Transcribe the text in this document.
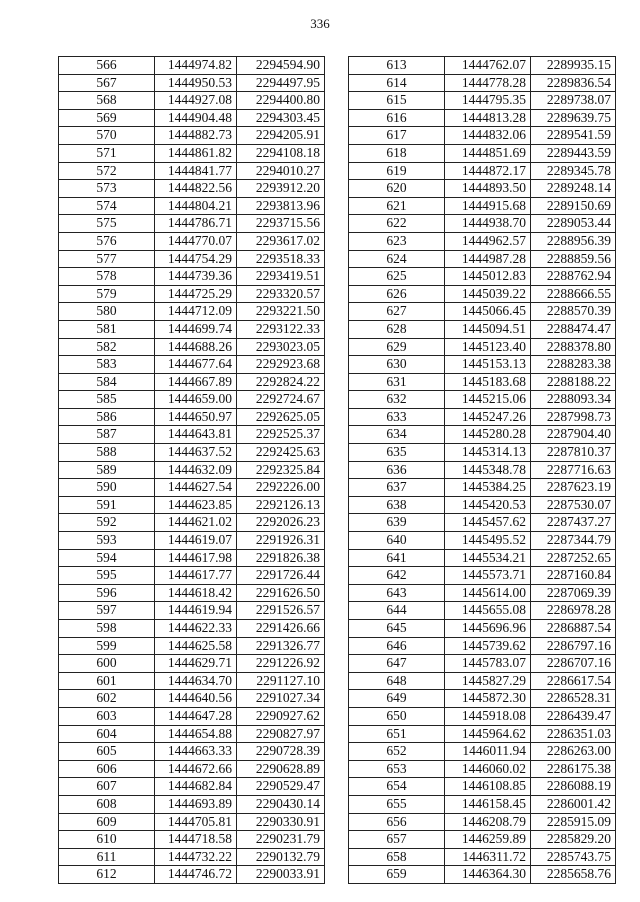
336
566	1444974.82	2294594.90
567	1444950.53	2294497.95
568	1444927.08	2294400.80
569	1444904.48	2294303.45
570	1444882.73	2294205.91
571	1444861.82	2294108.18
572	1444841.77	2294010.27
573	1444822.56	2293912.20
574	1444804.21	2293813.96
575	1444786.71	2293715.56
576	1444770.07	2293617.02
577	1444754.29	2293518.33
578	1444739.36	2293419.51
579	1444725.29	2293320.57
580	1444712.09	2293221.50
581	1444699.74	2293122.33
582	1444688.26	2293023.05
583	1444677.64	2292923.68
584	1444667.89	2292824.22
585	1444659.00	2292724.67
586	1444650.97	2292625.05
587	1444643.81	2292525.37
588	1444637.52	2292425.63
589	1444632.09	2292325.84
590	1444627.54	2292226.00
591	1444623.85	2292126.13
592	1444621.02	2292026.23
593	1444619.07	2291926.31
594	1444617.98	2291826.38
595	1444617.77	2291726.44
596	1444618.42	2291626.50
597	1444619.94	2291526.57
598	1444622.33	2291426.66
599	1444625.58	2291326.77
600	1444629.71	2291226.92
601	1444634.70	2291127.10
602	1444640.56	2291027.34
603	1444647.28	2290927.62
604	1444654.88	2290827.97
605	1444663.33	2290728.39
606	1444672.66	2290628.89
607	1444682.84	2290529.47
608	1444693.89	2290430.14
609	1444705.81	2290330.91
610	1444718.58	2290231.79
611	1444732.22	2290132.79
612	1444746.72	2290033.91
613	1444762.07	2289935.15
614	1444778.28	2289836.54
615	1444795.35	2289738.07
616	1444813.28	2289639.75
617	1444832.06	2289541.59
618	1444851.69	2289443.59
619	1444872.17	2289345.78
620	1444893.50	2289248.14
621	1444915.68	2289150.69
622	1444938.70	2289053.44
623	1444962.57	2288956.39
624	1444987.28	2288859.56
625	1445012.83	2288762.94
626	1445039.22	2288666.55
627	1445066.45	2288570.39
628	1445094.51	2288474.47
629	1445123.40	2288378.80
630	1445153.13	2288283.38
631	1445183.68	2288188.22
632	1445215.06	2288093.34
633	1445247.26	2287998.73
634	1445280.28	2287904.40
635	1445314.13	2287810.37
636	1445348.78	2287716.63
637	1445384.25	2287623.19
638	1445420.53	2287530.07
639	1445457.62	2287437.27
640	1445495.52	2287344.79
641	1445534.21	2287252.65
642	1445573.71	2287160.84
643	1445614.00	2287069.39
644	1445655.08	2286978.28
645	1445696.96	2286887.54
646	1445739.62	2286797.16
647	1445783.07	2286707.16
648	1445827.29	2286617.54
649	1445872.30	2286528.31
650	1445918.08	2286439.47
651	1445964.62	2286351.03
652	1446011.94	2286263.00
653	1446060.02	2286175.38
654	1446108.85	2286088.19
655	1446158.45	2286001.42
656	1446208.79	2285915.09
657	1446259.89	2285829.20
658	1446311.72	2285743.75
659	1446364.30	2285658.76
